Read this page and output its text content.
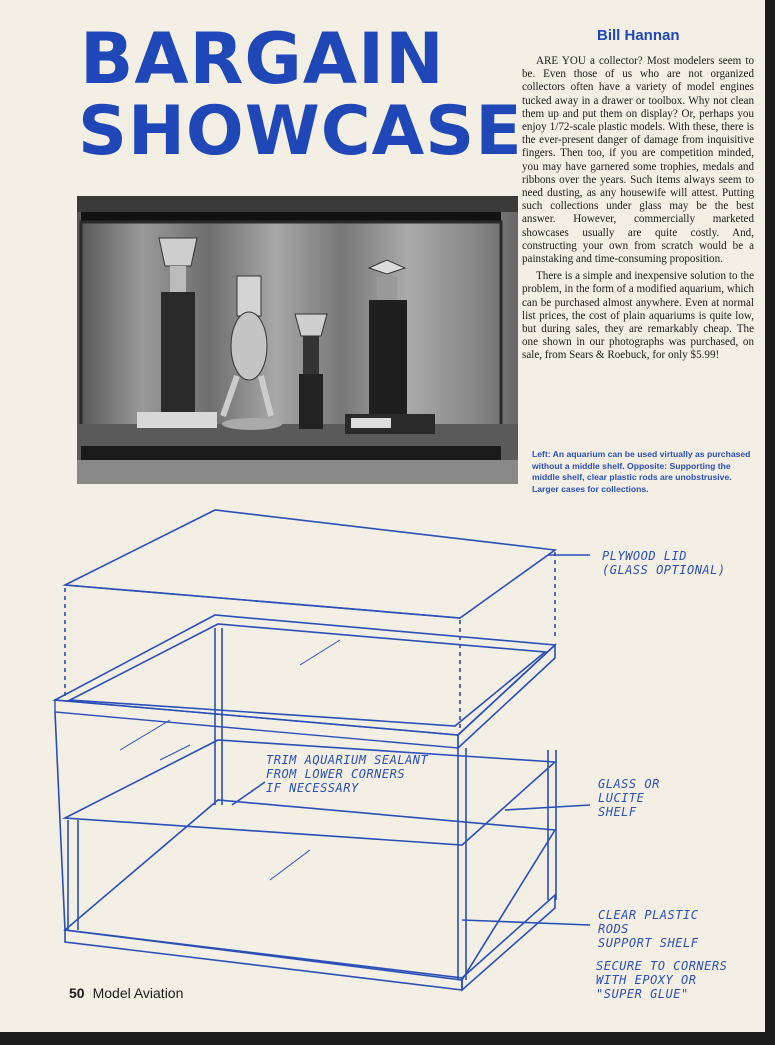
BARGAIN
SHOWCASE
Bill Hannan

ARE YOU a collector? Most modelers seem to be. Even those of us who are not organized collectors often have a variety of model engines tucked away in a drawer or toolbox. Why not clean them up and put them on display? Or, perhaps you enjoy 1/72-scale plastic models. With these, there is the ever-present danger of damage from inquisitive fingers. Then too, if you are competition minded, you may have garnered some trophies, medals and ribbons over the years. Such items always seem to need dusting, as any housewife will attest. Putting such collections under glass may be the best answer. However, commercially marketed showcases usually are quite costly. And, constructing your own from scratch would be a painstaking and time-consuming proposition.

There is a simple and inexpensive solution to the problem, in the form of a modified aquarium, which can be purchased almost anywhere. Even at normal list prices, the cost of plain aquariums is quite low, but during sales, they are remarkably cheap. The one shown in our photographs was purchased, on sale, from Sears & Roebuck, for only $5.99!

Left: An aquarium can be used virtually as purchased without a middle shelf. Opposite: Supporting the middle shelf, clear plastic rods are unobstrusive. Larger cases for collections.
PLYWOOD LID
(GLASS OPTIONAL)
TRIM AQUARIUM SEALANT
FROM LOWER CORNERS
IF NECESSARY	GLASS OR
LUCITE
SHELF
CLEAR PLASTIC
RODS
SUPPORT SHELF
SECURE TO CORNERS
WITH EPOXY OR
"SUPER GLUE"
50 Model Aviation
